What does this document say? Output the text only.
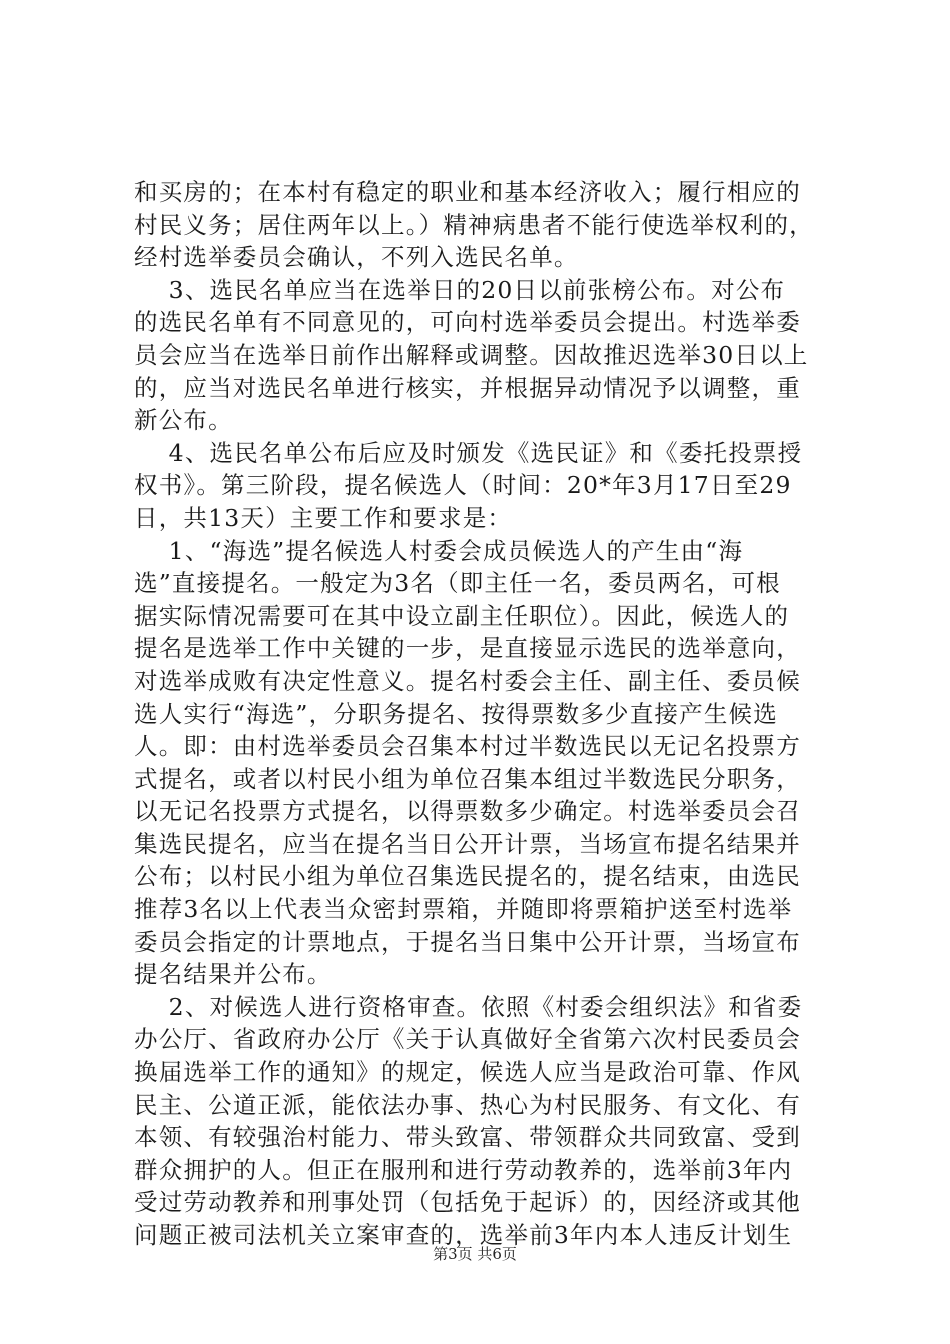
和买房的；在本村有稳定的职业和基本经济收入；履行相应的
村民义务；居住两年以上。）精神病患者不能行使选举权利的，
经村选举委员会确认，不列入选民名单。

3、选民名单应当在选举日的20日以前张榜公布。对公布
的选民名单有不同意见的，可向村选举委员会提出。村选举委
员会应当在选举日前作出解释或调整。因故推迟选举30日以上
的，应当对选民名单进行核实，并根据异动情况予以调整，重
新公布。

4、选民名单公布后应及时颁发《选民证》和《委托投票授
权书》。第三阶段，提名候选人（时间：20*年3月17日至29
日，共13天）主要工作和要求是：

1、“海选”提名候选人村委会成员候选人的产生由“海
选”直接提名。一般定为3名（即主任一名，委员两名，可根
据实际情况需要可在其中设立副主任职位）。因此，候选人的
提名是选举工作中关键的一步，是直接显示选民的选举意向，
对选举成败有决定性意义。提名村委会主任、副主任、委员候
选人实行“海选”，分职务提名、按得票数多少直接产生候选
人。即：由村选举委员会召集本村过半数选民以无记名投票方
式提名，或者以村民小组为单位召集本组过半数选民分职务，
以无记名投票方式提名，以得票数多少确定。村选举委员会召
集选民提名，应当在提名当日公开计票，当场宣布提名结果并
公布；以村民小组为单位召集选民提名的，提名结束，由选民
推荐3名以上代表当众密封票箱，并随即将票箱护送至村选举
委员会指定的计票地点，于提名当日集中公开计票，当场宣布
提名结果并公布。

2、对候选人进行资格审查。依照《村委会组织法》和省委
办公厅、省政府办公厅《关于认真做好全省第六次村民委员会
换届选举工作的通知》的规定，候选人应当是政治可靠、作风
民主、公道正派，能依法办事、热心为村民服务、有文化、有
本领、有较强治村能力、带头致富、带领群众共同致富、受到
群众拥护的人。但正在服刑和进行劳动教养的，选举前3年内
受过劳动教养和刑事处罚（包括免于起诉）的，因经济或其他
问题正被司法机关立案审查的，选举前3年内本人违反计划生

第3页 共6页
